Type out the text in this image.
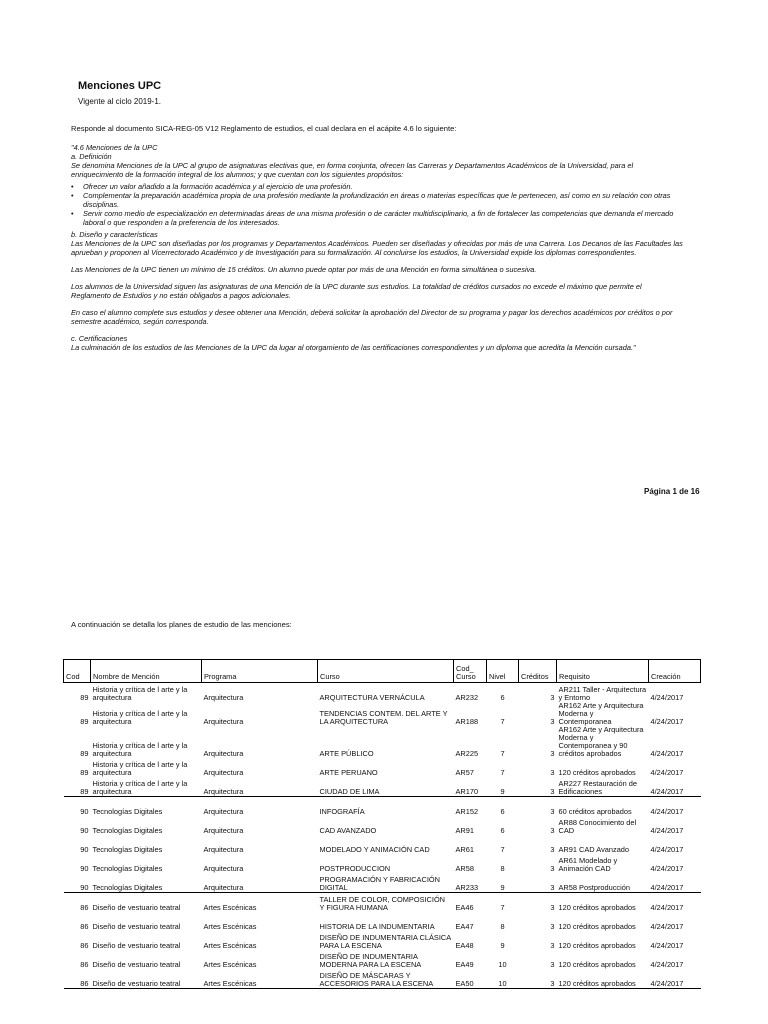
Menciones UPC
Vigente al ciclo 2019-1.
Responde al documento SICA-REG-05 V12 Reglamento de estudios, el cual declara en el acápite 4.6 lo siguiente:

"4.6 Menciones de la UPC

a. Definición

Se denomina Menciones de la UPC al grupo de asignaturas electivas que, en forma conjunta, ofrecen las Carreras y Departamentos Académicos de la Universidad, para el enriquecimiento de la formación integral de los alumnos; y que cuentan con los siguientes propósitos:

• Ofrecer un valor añadido a la formación académica y al ejercicio de una profesión.
• Complementar la preparación académica propia de una profesión mediante la profundización en áreas o materias específicas que le pertenecen, así como en su relación con otras disciplinas.
• Servir como medio de especialización en determinadas áreas de una misma profesión o de carácter multidisciplinario, a fin de fortalecer las competencias que demanda el mercado laboral o que responden a la preferencia de los interesados.

b. Diseño y características

Las Menciones de la UPC son diseñadas por los programas y Departamentos Académicos. Pueden ser diseñadas y ofrecidas por más de una Carrera. Los Decanos de las Facultades las aprueban y proponen al Vicerrectorado Académico y de Investigación para su formalización. Al concluirse los estudios, la Universidad expide los diplomas correspondientes.

Las Menciones de la UPC tienen un mínimo de 15 créditos. Un alumno puede optar por más de una Mención en forma simultánea o sucesiva.

Los alumnos de la Universidad siguen las asignaturas de una Mención de la UPC durante sus estudios. La totalidad de créditos cursados no excede el máximo que permite el Reglamento de Estudios y no están obligados a pagos adicionales.

En caso el alumno complete sus estudios y desee obtener una Mención, deberá solicitar la aprobación del Director de su programa y pagar los derechos académicos por créditos o por semestre académico, según corresponda.

c. Certificaciones

La culminación de los estudios de las Menciones de la UPC da lugar al otorgamiento de las certificaciones correspondientes y un diploma que acredita la Mención cursada."

Página 1 de 16
A continuación se detalla los planes de estudio de las menciones:
Cod	Nombre de Mención	Programa	Curso	Cod_ Curso	Nivel	Créditos	Requisito	Creación
89	Historia y crítica de l arte y la arquitectura	Arquitectura	ARQUITECTURA VERNÁCULA	AR232	6	3	AR211 Taller - Arquitectura y Entorno	4/24/2017
89	Historia y crítica de l arte y la arquitectura	Arquitectura	TENDENCIAS CONTEM. DEL ARTE Y LA ARQUITECTURA	AR188	7	3	AR162 Arte y Arquitectura Moderna y Contemporanea	4/24/2017
89	Historia y crítica de l arte y la arquitectura	Arquitectura	ARTE PÚBLICO	AR225	7	3	AR162 Arte y Arquitectura Moderna y Contemporanea y 90 créditos aprobados	4/24/2017
89	Historia y crítica de l arte y la arquitectura	Arquitectura	ARTE PERUANO	AR57	7	3	120 créditos aprobados	4/24/2017
89	Historia y crítica de l arte y la arquitectura	Arquitectura	CIUDAD DE LIMA	AR170	9	3	AR227 Restauración de Edificaciones	4/24/2017
90	Tecnologías Digitales	Arquitectura	INFOGRAFÍA	AR152	6	3	60 créditos aprobados	4/24/2017
90	Tecnologías Digitales	Arquitectura	CAD AVANZADO	AR91	6	3	AR88 Conocimiento del CAD	4/24/2017
90	Tecnologías Digitales	Arquitectura	MODELADO Y ANIMACIÓN CAD	AR61	7	3	AR91 CAD Avanzado	4/24/2017
90	Tecnologías Digitales	Arquitectura	POSTPRODUCCION	AR58	8	3	AR61 Modelado y Animación CAD	4/24/2017
90	Tecnologías Digitales	Arquitectura	PROGRAMACIÓN Y FABRICACIÓN DIGITAL	AR233	9	3	AR58 Postproducción	4/24/2017
86	Diseño de vestuario teatral	Artes Escénicas	TALLER DE COLOR, COMPOSICIÓN Y FIGURA HUMANA	EA46	7	3	120 créditos aprobados	4/24/2017
86	Diseño de vestuario teatral	Artes Escénicas	HISTORIA DE LA INDUMENTARIA	EA47	8	3	120 créditos aprobados	4/24/2017
86	Diseño de vestuario teatral	Artes Escénicas	DISEÑO DE INDUMENTARIA CLÁSICA PARA LA ESCENA	EA48	9	3	120 créditos aprobados	4/24/2017
86	Diseño de vestuario teatral	Artes Escénicas	DISEÑO DE INDUMENTARIA MODERNA PARA LA ESCENA	EA49	10	3	120 créditos aprobados	4/24/2017
86	Diseño de vestuario teatral	Artes Escénicas	DISEÑO DE MÁSCARAS Y ACCESORIOS PARA LA ESCENA	EA50	10	3	120 créditos aprobados	4/24/2017
